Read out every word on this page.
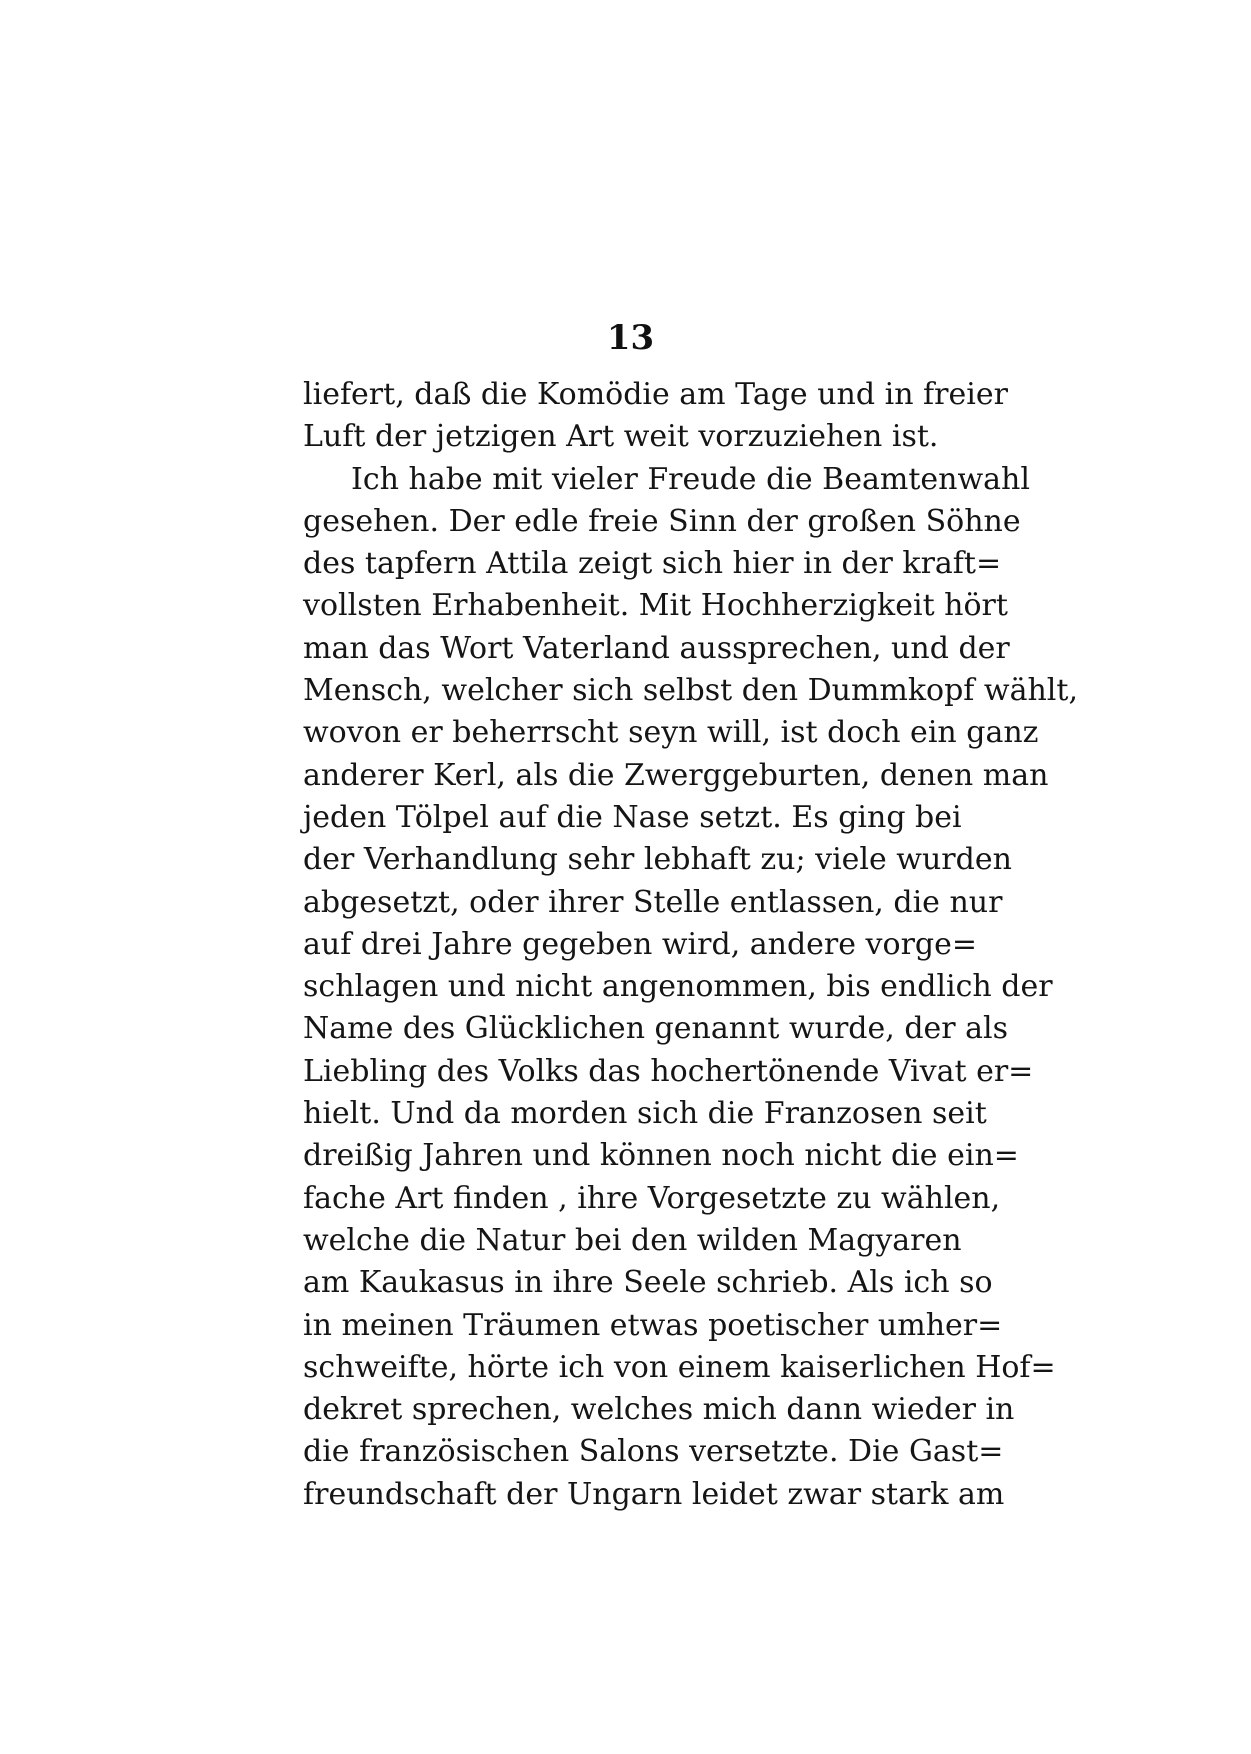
13
liefert, daß die Komödie am Tage und in freier
Luft der jetzigen Art weit vorzuziehen ist.
Ich habe mit vieler Freude die Beamtenwahl
gesehen. Der edle freie Sinn der großen Söhne
des tapfern Attila zeigt sich hier in der kraft=
vollsten Erhabenheit. Mit Hochherzigkeit hört
man das Wort Vaterland aussprechen, und der
Mensch, welcher sich selbst den Dummkopf wählt,
wovon er beherrscht seyn will, ist doch ein ganz
anderer Kerl, als die Zwerggeburten, denen man
jeden Tölpel auf die Nase setzt. Es ging bei
der Verhandlung sehr lebhaft zu; viele wurden
abgesetzt, oder ihrer Stelle entlassen, die nur
auf drei Jahre gegeben wird, andere vorge=
schlagen und nicht angenommen, bis endlich der
Name des Glücklichen genannt wurde, der als
Liebling des Volks das hochertönende Vivat er=
hielt. Und da morden sich die Franzosen seit
dreißig Jahren und können noch nicht die ein=
fache Art finden , ihre Vorgesetzte zu wählen,
welche die Natur bei den wilden Magyaren
am Kaukasus in ihre Seele schrieb. Als ich so
in meinen Träumen etwas poetischer umher=
schweifte, hörte ich von einem kaiserlichen Hof=
dekret sprechen, welches mich dann wieder in
die französischen Salons versetzte. Die Gast=
freundschaft der Ungarn leidet zwar stark am
